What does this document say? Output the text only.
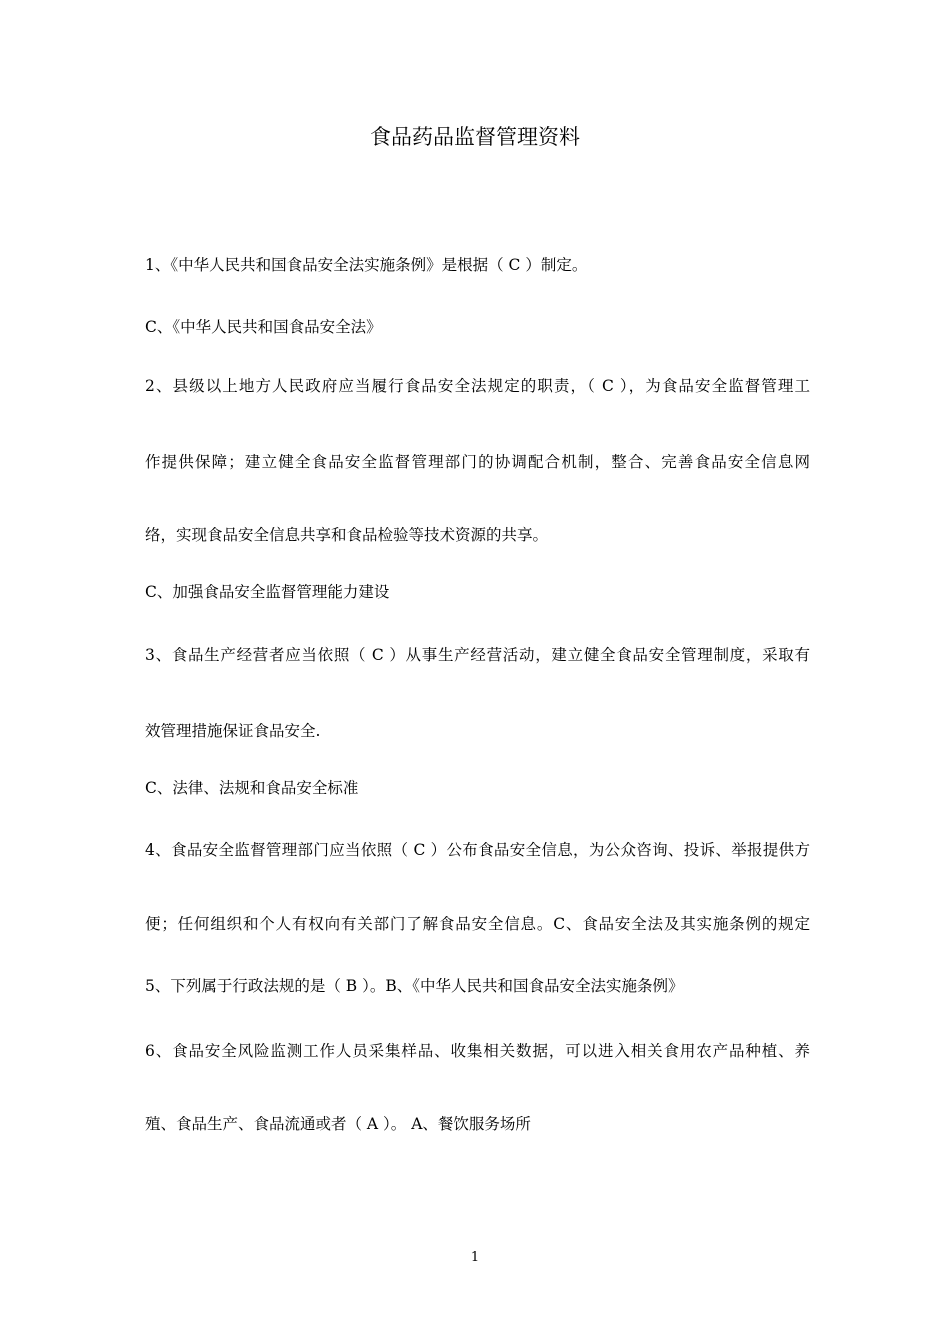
食品药品监督管理资料
1、《中华人民共和国食品安全法实施条例》是根据（ C ）制定。
C、《中华人民共和国食品安全法》
2、县级以上地方人民政府应当履行食品安全法规定的职责，（ C ），为食品安全监督管理工
作提供保障；建立健全食品安全监督管理部门的协调配合机制，整合、完善食品安全信息网
络，实现食品安全信息共享和食品检验等技术资源的共享。
C、加强食品安全监督管理能力建设
3、食品生产经营者应当依照（ C ）从事生产经营活动，建立健全食品安全管理制度，采取有
效管理措施保证食品安全.
C、法律、法规和食品安全标准
4、食品安全监督管理部门应当依照（ C ）公布食品安全信息，为公众咨询、投诉、举报提供方
便；任何组织和个人有权向有关部门了解食品安全信息。C、食品安全法及其实施条例的规定
5、下列属于行政法规的是（ B ）。B、《中华人民共和国食品安全法实施条例》
6、食品安全风险监测工作人员采集样品、收集相关数据，可以进入相关食用农产品种植、养
殖、食品生产、食品流通或者（ A ）。 A、餐饮服务场所
1
